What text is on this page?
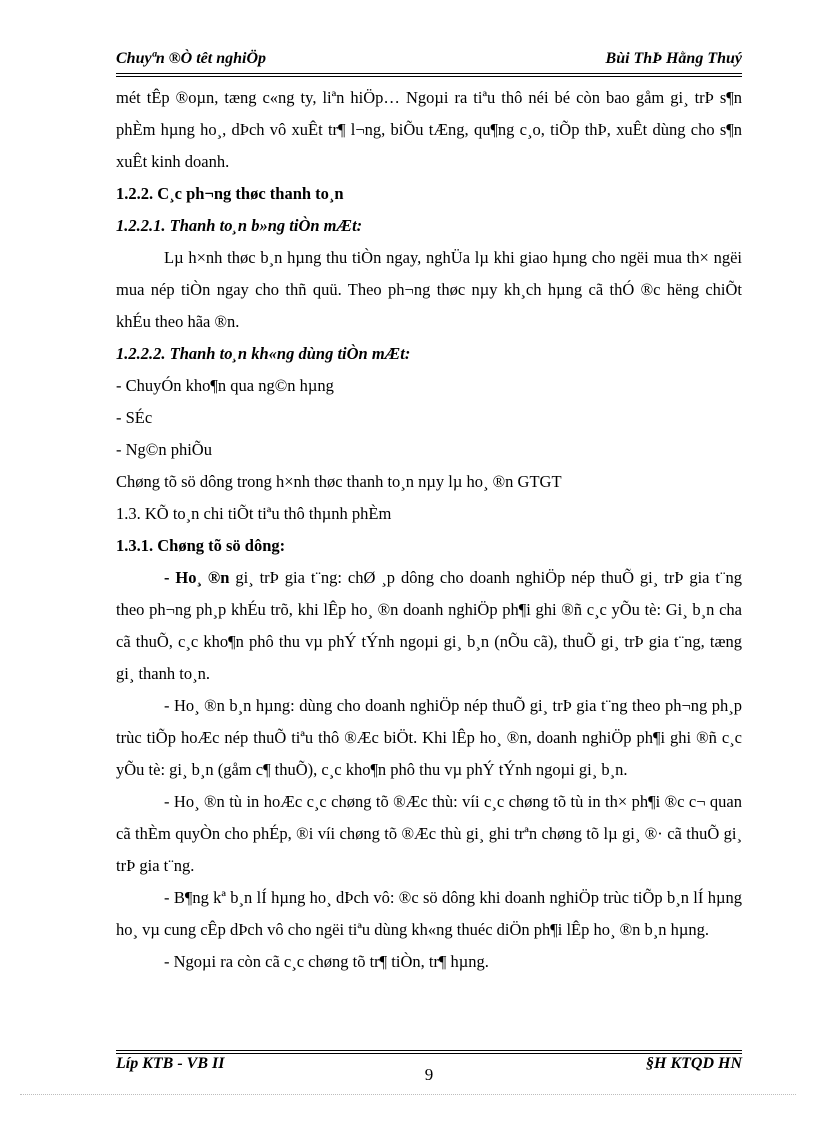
Chuyªn ®Ò têt nghiÖp	Bùi ThÞ Hằng Thuý

mét tÊp ®oµn, tæng c«ng ty, liªn hiÖp… Ngoµi ra tiªu thô néi bé còn bao gåm gi¸ trÞ s¶n phÈm hµng ho¸, dÞch vô xuÊt tr¶ l¬ng, biÕu tÆng, qu¶ng c¸o, tiÕp thÞ, xuÊt dùng cho s¶n xuÊt kinh doanh.

1.2.2. C¸c ph¬ng thøc thanh to¸n

1.2.2.1. Thanh to¸n b»ng tiÒn mÆt:

Lµ h×nh thøc b¸n hµng thu tiÒn ngay, nghÜa lµ khi giao hµng cho ngëi mua th× ngëi mua nép tiÒn ngay cho thñ quü. Theo ph¬ng thøc nµy kh¸ch hµng cã thÓ ®c hëng chiÕt khÉu theo hãa ®n.

1.2.2.2. Thanh to¸n kh«ng dùng tiÒn mÆt:

- ChuyÓn kho¶n qua ng©n hµng

- SÉc

- Ng©n phiÕu

Chøng tõ sö dông trong h×nh thøc thanh to¸n nµy lµ ho¸ ®n GTGT

1.3. KÕ to¸n chi tiÕt tiªu thô thµnh phÈm

1.3.1. Chøng tõ sö dông:

- Ho¸ ®n gi¸ trÞ gia t¨ng: chØ ¸p dông cho doanh nghiÖp nép thuÕ gi¸ trÞ gia t¨ng theo ph¬ng ph¸p khÉu trõ, khi lÊp ho¸ ®n doanh nghiÖp ph¶i ghi ®ñ c¸c yÕu tè: Gi¸ b¸n cha cã thuÕ, c¸c kho¶n phô thu vµ phÝ tÝnh ngoµi gi¸ b¸n (nÕu cã), thuÕ gi¸ trÞ gia t¨ng, tæng gi¸ thanh to¸n.

- Ho¸ ®n b¸n hµng: dùng cho doanh nghiÖp nép thuÕ gi¸ trÞ gia t¨ng theo ph¬ng ph¸p trùc tiÕp hoÆc nép thuÕ tiªu thô ®Æc biÖt. Khi lÊp ho¸ ®n, doanh nghiÖp ph¶i ghi ®ñ c¸c yÕu tè: gi¸ b¸n (gåm c¶ thuÕ), c¸c kho¶n phô thu vµ phÝ tÝnh ngoµi gi¸ b¸n.

- Ho¸ ®n tù in hoÆc c¸c chøng tõ ®Æc thù: víi c¸c chøng tõ tù in th× ph¶i ®c c¬ quan cã thÈm quyÒn cho phÉp, ®i víi chøng tõ ®Æc thù gi¸ ghi trªn chøng tõ lµ gi¸ ®· cã thuÕ gi¸ trÞ gia t¨ng.

- B¶ng kª b¸n lÍ hµng ho¸ dÞch vô: ®c sö dông khi doanh nghiÖp trùc tiÕp b¸n lÍ hµng ho¸ vµ cung cÊp dÞch vô cho ngëi tiªu dùng kh«ng thuéc diÖn ph¶i lÊp ho¸ ®n b¸n hµng.

- Ngoµi ra còn cã c¸c chøng tõ tr¶ tiÒn, tr¶ hµng.

Líp KTB - VB II
9
§H KTQD HN
